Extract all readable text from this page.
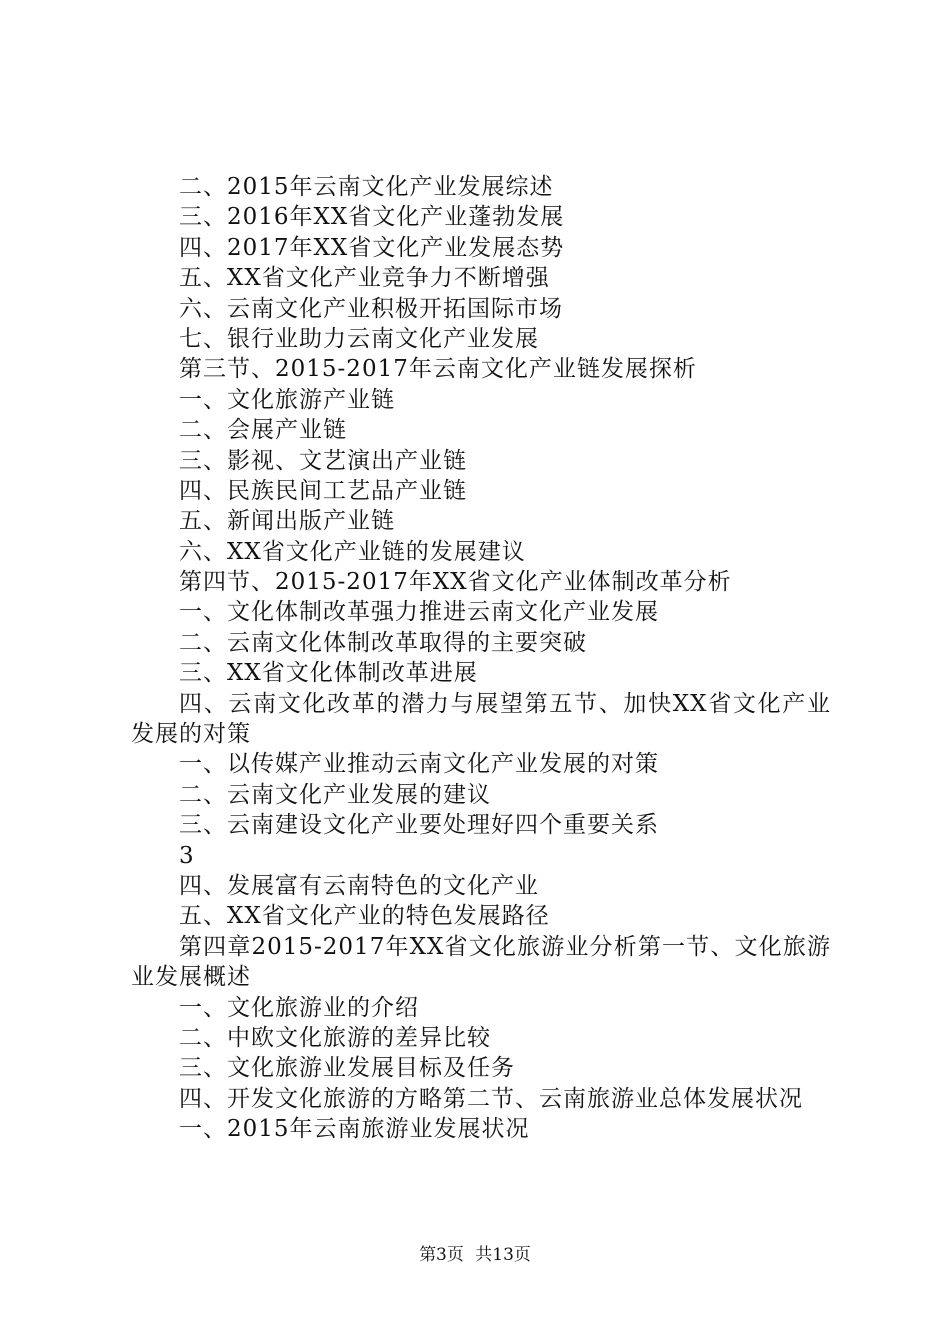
二、2015年云南文化产业发展综述
三、2016年XX省文化产业蓬勃发展
四、2017年XX省文化产业发展态势
五、XX省文化产业竞争力不断增强
六、云南文化产业积极开拓国际市场
七、银行业助力云南文化产业发展
第三节、2015-2017年云南文化产业链发展探析
一、文化旅游产业链
二、会展产业链
三、影视、文艺演出产业链
四、民族民间工艺品产业链
五、新闻出版产业链
六、XX省文化产业链的发展建议
第四节、2015-2017年XX省文化产业体制改革分析
一、文化体制改革强力推进云南文化产业发展
二、云南文化体制改革取得的主要突破
三、XX省文化体制改革进展
四、云南文化改革的潜力与展望第五节、加快XX省文化产业发展的对策
一、以传媒产业推动云南文化产业发展的对策
二、云南文化产业发展的建议
三、云南建设文化产业要处理好四个重要关系
3
四、发展富有云南特色的文化产业
五、XX省文化产业的特色发展路径
第四章2015-2017年XX省文化旅游业分析第一节、文化旅游业发展概述
一、文化旅游业的介绍
二、中欧文化旅游的差异比较
三、文化旅游业发展目标及任务
四、开发文化旅游的方略第二节、云南旅游业总体发展状况
一、2015年云南旅游业发展状况
第3页 共13页
